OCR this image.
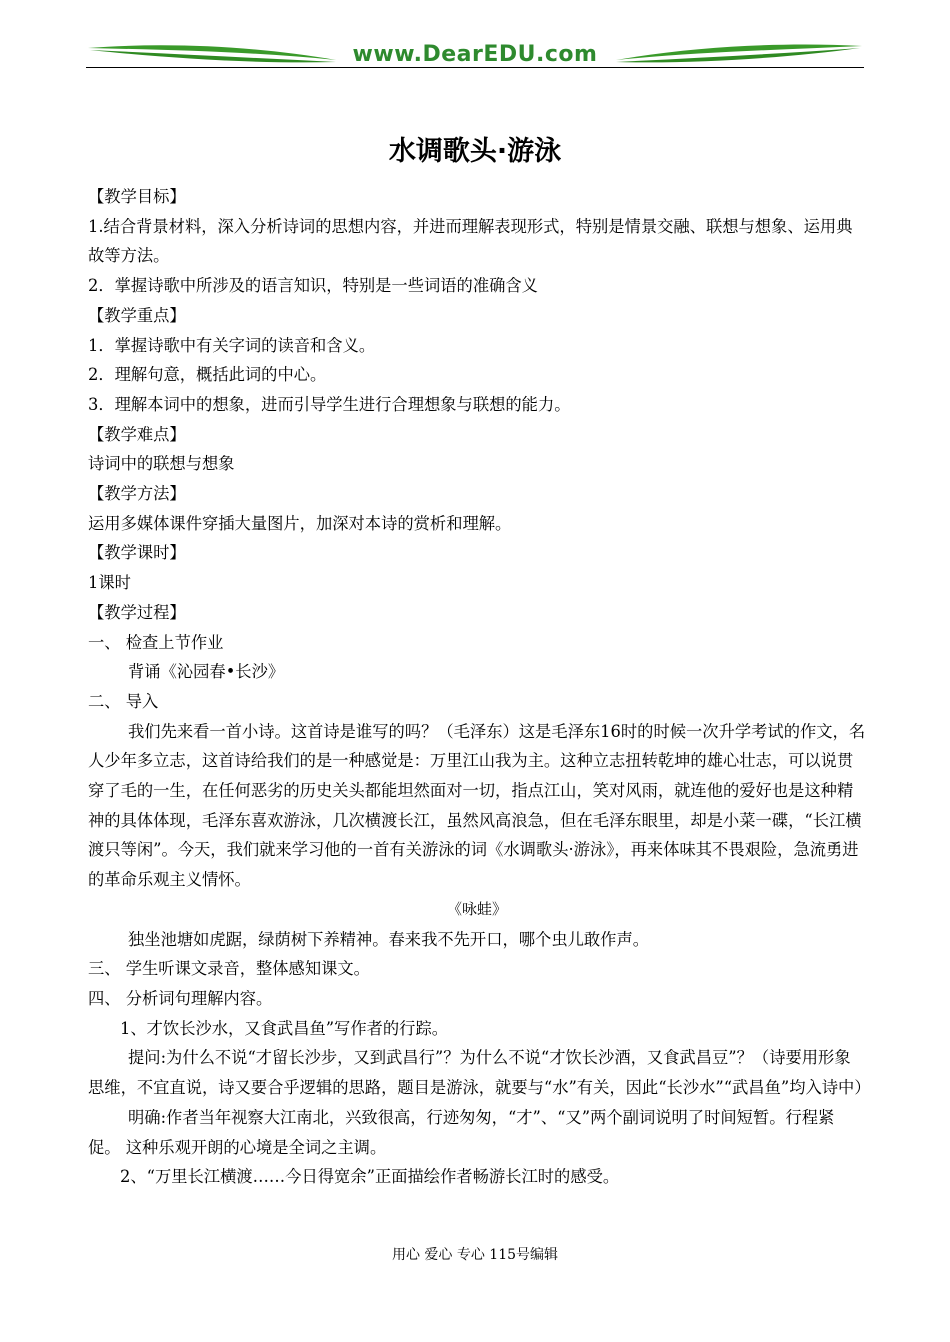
www.DearEDU.com
水调歌头·游泳

【教学目标】

1.结合背景材料，深入分析诗词的思想内容，并进而理解表现形式，特别是情景交融、联想与想象、运用典故等方法。

2．掌握诗歌中所涉及的语言知识，特别是一些词语的准确含义

【教学重点】

1．掌握诗歌中有关字词的读音和含义。

2．理解句意，概括此词的中心。

3．理解本词中的想象，进而引导学生进行合理想象与联想的能力。

【教学难点】

诗词中的联想与想象

【教学方法】

运用多媒体课件穿插大量图片，加深对本诗的赏析和理解。

【教学课时】

1课时

【教学过程】

一、 检查上节作业

背诵《沁园春•长沙》

二、 导入

我们先来看一首小诗。这首诗是谁写的吗？（毛泽东）这是毛泽东16时的时候一次升学考试的作文，名人少年多立志，这首诗给我们的是一种感觉是：万里江山我为主。这种立志扭转乾坤的雄心壮志，可以说贯穿了毛的一生，在任何恶劣的历史关头都能坦然面对一切，指点江山，笑对风雨，就连他的爱好也是这种精神的具体体现，毛泽东喜欢游泳，几次横渡长江，虽然风高浪急，但在毛泽东眼里，却是小菜一碟，“长江横渡只等闲”。今天，我们就来学习他的一首有关游泳的词《水调歌头·游泳》，再来体味其不畏艰险，急流勇进的革命乐观主义情怀。

《咏蛙》

独坐池塘如虎踞，绿荫树下养精神。春来我不先开口，哪个虫儿敢作声。

三、 学生听课文录音，整体感知课文。

四、 分析词句理解内容。

1、才饮长沙水，又食武昌鱼”写作者的行踪。

提问:为什么不说“才留长沙步，又到武昌行”？为什么不说“才饮长沙酒，又食武昌豆”？（诗要用形象思维，不宜直说，诗又要合乎逻辑的思路，题目是游泳，就要与“水”有关，因此“长沙水”“武昌鱼”均入诗中）

明确:作者当年视察大江南北，兴致很高，行迹匆匆，“才”、“又”两个副词说明了时间短暂。行程紧促。 这种乐观开朗的心境是全词之主调。

2、“万里长江横渡……今日得宽余”正面描绘作者畅游长江时的感受。

用心 爱心 专心 115号编辑
